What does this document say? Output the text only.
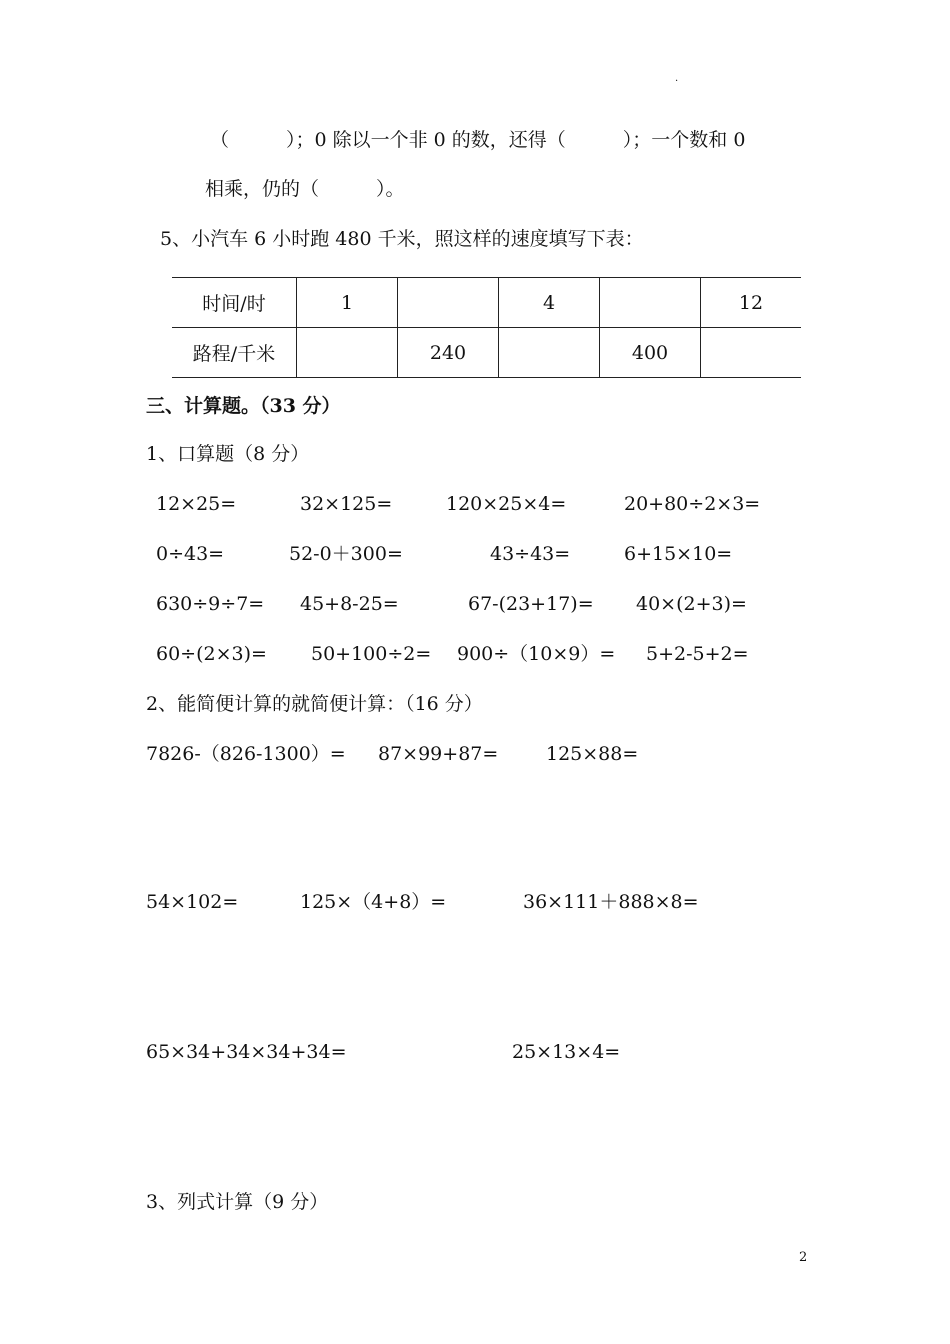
.
（　　　）；0 除以一个非 0 的数，还得（　　　）；一个数和 0
相乘，仍的（　　　）。
5、小汽车 6 小时跑 480 千米，照这样的速度填写下表：
时间/时	1		4		12
路程/千米		240		400	
三、计算题。（33 分）
1、口算题（8 分）
12×25=	32×125=	120×25×4=	20+80÷2×3=
0÷43=	52-0＋300=	43÷43=	6+15×10=
630÷9÷7= 45+8-25=	67-(23+17)= 40×(2+3)=
60÷(2×3)= 50+100÷2= 900÷（10×9）= 5+2-5+2=
2、能简便计算的就简便计算：（16 分）
7826-（826-1300）= 87×99+87=	125×88=
54×102=	125×（4+8）=	36×111＋888×8=
65×34+34×34+34=	25×13×4=
3、列式计算（9 分）
2
